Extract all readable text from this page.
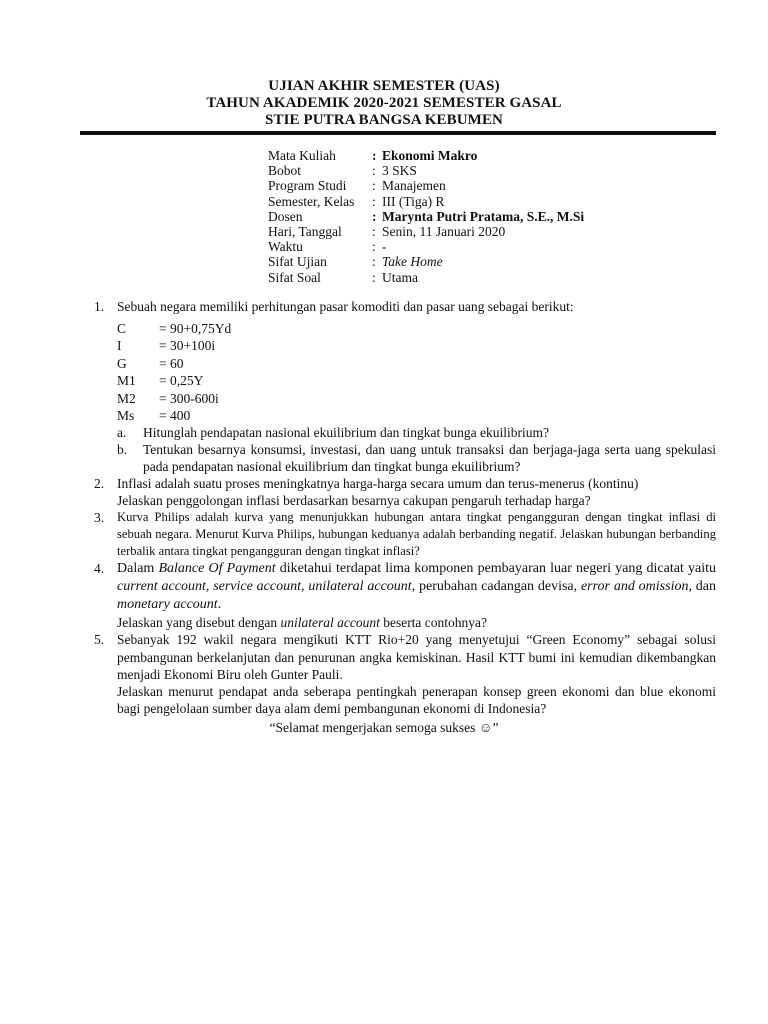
UJIAN AKHIR SEMESTER (UAS)
TAHUN AKADEMIK 2020-2021 SEMESTER GASAL
STIE PUTRA BANGSA KEBUMEN
Mata Kuliah	: Ekonomi Makro
Bobot	: 3 SKS
Program Studi	: Manajemen
Semester, Kelas	: III (Tiga) R
Dosen	: Marynta Putri Pratama, S.E., M.Si
Hari, Tanggal	: Senin, 11 Januari 2020
Waktu	: -
Sifat Ujian	: Take Home
Sifat Soal	: Utama
1. Sebuah negara memiliki perhitungan pasar komoditi dan pasar uang sebagai berikut:
C	= 90+0,75Yd
I	= 30+100i
G	= 60
M1	= 0,25Y
M2	= 300-600i
Ms	= 400
a. Hitunglah pendapatan nasional ekuilibrium dan tingkat bunga ekuilibrium?
b. Tentukan besarnya konsumsi, investasi, dan uang untuk transaksi dan berjaga-jaga serta uang spekulasi pada pendapatan nasional ekuilibrium dan tingkat bunga ekuilibrium?
2. Inflasi adalah suatu proses meningkatnya harga-harga secara umum dan terus-menerus (kontinu)
Jelaskan penggolongan inflasi berdasarkan besarnya cakupan pengaruh terhadap harga?
3. Kurva Philips adalah kurva yang menunjukkan hubungan antara tingkat pengangguran dengan tingkat inflasi di sebuah negara. Menurut Kurva Philips, hubungan keduanya adalah berbanding negatif. Jelaskan hubungan berbanding terbalik antara tingkat pengangguran dengan tingkat inflasi?
4. Dalam Balance Of Payment diketahui terdapat lima komponen pembayaran luar negeri yang dicatat yaitu current account, service account, unilateral account, perubahan cadangan devisa, error and omission, dan monetary account.
Jelaskan yang disebut dengan unilateral account beserta contohnya?
5. Sebanyak 192 wakil negara mengikuti KTT Rio+20 yang menyetujui “Green Economy” sebagai solusi pembangunan berkelanjutan dan penurunan angka kemiskinan. Hasil KTT bumi ini kemudian dikembangkan menjadi Ekonomi Biru oleh Gunter Pauli.
Jelaskan menurut pendapat anda seberapa pentingkah penerapan konsep green ekonomi dan blue ekonomi bagi pengelolaan sumber daya alam demi pembangunan ekonomi di Indonesia?
“Selamat mengerjakan semoga sukses ☺”
